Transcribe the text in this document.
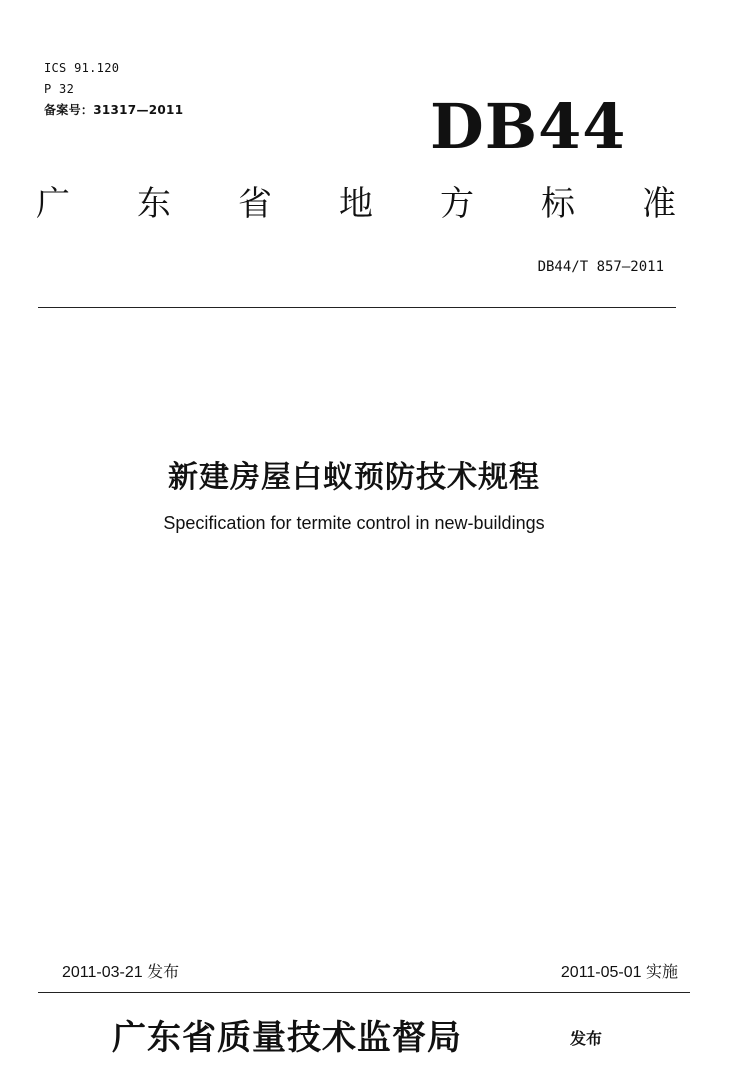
ICS 91.120
P 32
备案号：31317—2011	DB44
广 东 省 地 方 标 准
DB44/T 857—2011
新建房屋白蚁预防技术规程
Specification for termite control in new-buildings
2011-03-21 发布	2011-05-01 实施
广东省质量技术监督局	发布
